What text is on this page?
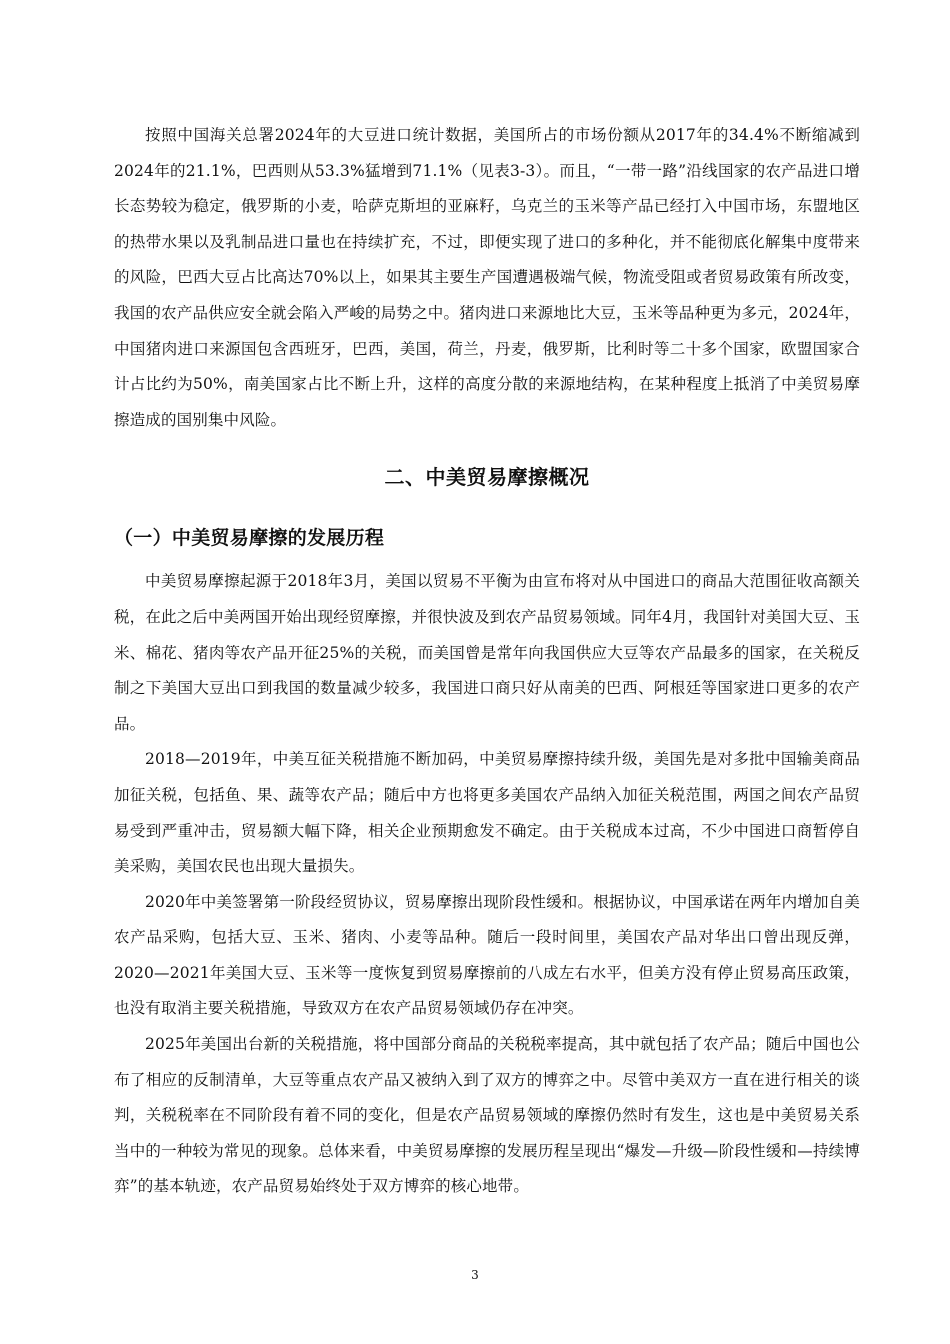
按照中国海关总署2024年的大豆进口统计数据，美国所占的市场份额从2017年的34.4%不断缩减到2024年的21.1%，巴西则从53.3%猛增到71.1%（见表3-3）。而且，“一带一路”沿线国家的农产品进口增长态势较为稳定，俄罗斯的小麦，哈萨克斯坦的亚麻籽，乌克兰的玉米等产品已经打入中国市场，东盟地区的热带水果以及乳制品进口量也在持续扩充，不过，即便实现了进口的多种化，并不能彻底化解集中度带来的风险，巴西大豆占比高达70%以上，如果其主要生产国遭遇极端气候，物流受阻或者贸易政策有所改变，我国的农产品供应安全就会陷入严峻的局势之中。猪肉进口来源地比大豆，玉米等品种更为多元，2024年，中国猪肉进口来源国包含西班牙，巴西，美国，荷兰，丹麦，俄罗斯，比利时等二十多个国家，欧盟国家合计占比约为50%，南美国家占比不断上升，这样的高度分散的来源地结构，在某种程度上抵消了中美贸易摩擦造成的国别集中风险。

二、中美贸易摩擦概况
（一）中美贸易摩擦的发展历程

中美贸易摩擦起源于2018年3月，美国以贸易不平衡为由宣布将对从中国进口的商品大范围征收高额关税，在此之后中美两国开始出现经贸摩擦，并很快波及到农产品贸易领域。同年4月，我国针对美国大豆、玉米、棉花、猪肉等农产品开征25%的关税，而美国曾是常年向我国供应大豆等农产品最多的国家，在关税反制之下美国大豆出口到我国的数量减少较多，我国进口商只好从南美的巴西、阿根廷等国家进口更多的农产品。

2018—2019年，中美互征关税措施不断加码，中美贸易摩擦持续升级，美国先是对多批中国输美商品加征关税，包括鱼、果、蔬等农产品；随后中方也将更多美国农产品纳入加征关税范围，两国之间农产品贸易受到严重冲击，贸易额大幅下降，相关企业预期愈发不确定。由于关税成本过高，不少中国进口商暂停自美采购，美国农民也出现大量损失。

2020年中美签署第一阶段经贸协议，贸易摩擦出现阶段性缓和。根据协议，中国承诺在两年内增加自美农产品采购，包括大豆、玉米、猪肉、小麦等品种。随后一段时间里，美国农产品对华出口曾出现反弹，2020—2021年美国大豆、玉米等一度恢复到贸易摩擦前的八成左右水平，但美方没有停止贸易高压政策，也没有取消主要关税措施，导致双方在农产品贸易领域仍存在冲突。

2025年美国出台新的关税措施，将中国部分商品的关税税率提高，其中就包括了农产品；随后中国也公布了相应的反制清单，大豆等重点农产品又被纳入到了双方的博弈之中。尽管中美双方一直在进行相关的谈判，关税税率在不同阶段有着不同的变化，但是农产品贸易领域的摩擦仍然时有发生，这也是中美贸易关系当中的一种较为常见的现象。总体来看，中美贸易摩擦的发展历程呈现出“爆发—升级—阶段性缓和—持续博弈”的基本轨迹，农产品贸易始终处于双方博弈的核心地带。

3
